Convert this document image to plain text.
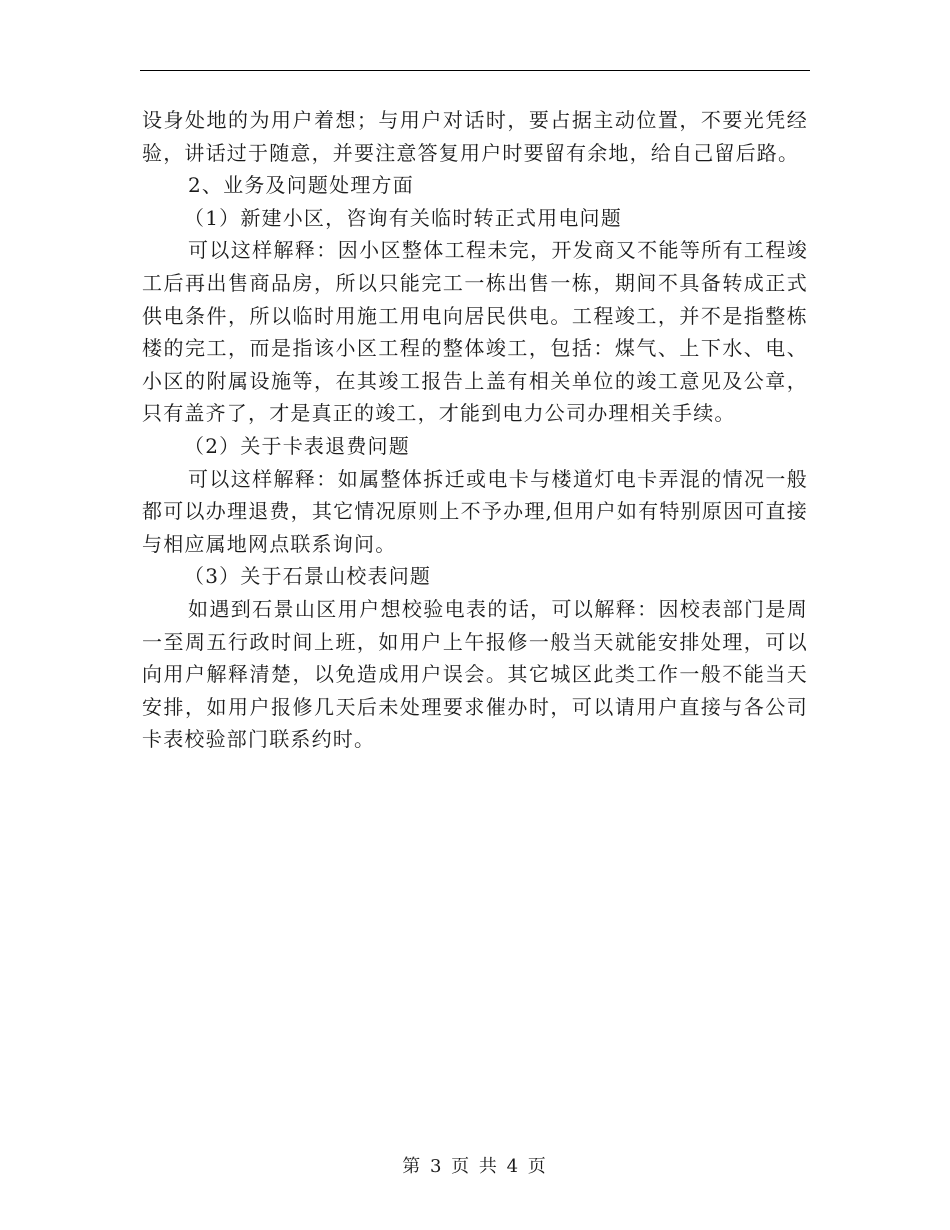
设身处地的为用户着想；与用户对话时，要占据主动位置，不要光凭经验，讲话过于随意，并要注意答复用户时要留有余地，给自己留后路。

2、业务及问题处理方面

（1）新建小区，咨询有关临时转正式用电问题

可以这样解释：因小区整体工程未完，开发商又不能等所有工程竣工后再出售商品房，所以只能完工一栋出售一栋，期间不具备转成正式供电条件，所以临时用施工用电向居民供电。工程竣工，并不是指整栋楼的完工，而是指该小区工程的整体竣工，包括：煤气、上下水、电、小区的附属设施等，在其竣工报告上盖有相关单位的竣工意见及公章，只有盖齐了，才是真正的竣工，才能到电力公司办理相关手续。

（2）关于卡表退费问题

可以这样解释：如属整体拆迁或电卡与楼道灯电卡弄混的情况一般都可以办理退费，其它情况原则上不予办理,但用户如有特别原因可直接与相应属地网点联系询问。

（3）关于石景山校表问题

如遇到石景山区用户想校验电表的话，可以解释：因校表部门是周一至周五行政时间上班，如用户上午报修一般当天就能安排处理，可以向用户解释清楚，以免造成用户误会。其它城区此类工作一般不能当天安排，如用户报修几天后未处理要求催办时，可以请用户直接与各公司卡表校验部门联系约时。

第 3 页 共 4 页
